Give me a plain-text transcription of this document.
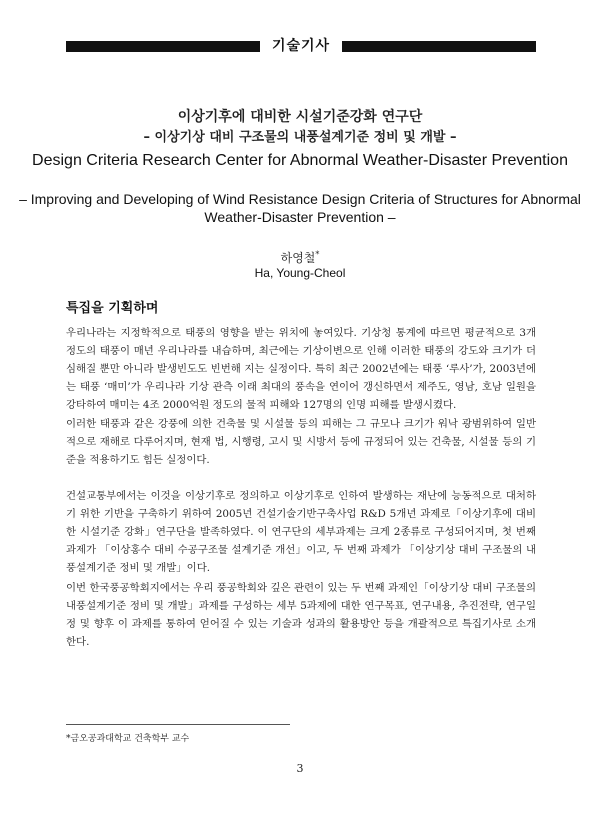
기술기사
이상기후에 대비한 시설기준강화 연구단
– 이상기상 대비 구조물의 내풍설계기준 정비 및 개발 –
Design Criteria Research Center for Abnormal Weather-Disaster Prevention
– Improving and Developing of Wind Resistance Design Criteria of Structures for Abnormal Weather-Disaster Prevention –
하영철*
Ha, Young-Cheol
특집을 기획하며

우리나라는 지정학적으로 태풍의 영향을 받는 위치에 놓여있다. 기상청 통계에 따르면 평균적으로 3개 정도의 태풍이 매년 우리나라를 내습하며, 최근에는 기상이변으로 인해 이러한 태풍의 강도와 크기가 더 심해질 뿐만 아니라 발생빈도도 빈번해 지는 실정이다. 특히 최근 2002년에는 태풍 ‘루사’가, 2003년에는 태풍 ‘매미’가 우리나라 기상 관측 이래 최대의 풍속을 연이어 갱신하면서 제주도, 영남, 호남 일원을 강타하여 매미는 4조 2000억원 정도의 물적 피해와 127명의 인명 피해를 발생시켰다.

이러한 태풍과 같은 강풍에 의한 건축물 및 시설물 등의 피해는 그 규모나 크기가 워낙 광범위하여 일반적으로 재해로 다루어지며, 현재 법, 시행령, 고시 및 시방서 등에 규정되어 있는 건축물, 시설물 등의 기준을 적용하기도 힘든 실정이다.

건설교통부에서는 이것을 이상기후로 정의하고 이상기후로 인하여 발생하는 재난에 능동적으로 대처하기 위한 기반을 구축하기 위하여 2005년 건설기술기반구축사업 R&D 5개년 과제로「이상기후에 대비한 시설기준 강화」연구단을 발족하였다. 이 연구단의 세부과제는 크게 2종류로 구성되어지며, 첫 번째 과제가 「이상홍수 대비 수공구조물 설계기준 개선」이고, 두 번째 과제가 「이상기상 대비 구조물의 내풍설계기준 정비 및 개발」이다.

이번 한국풍공학회지에서는 우리 풍공학회와 깊은 관련이 있는 두 번째 과제인「이상기상 대비 구조물의 내풍설계기준 정비 및 개발」과제를 구성하는 세부 5과제에 대한 연구목표, 연구내용, 추진전략, 연구일정 및 향후 이 과제를 통하여 얻어질 수 있는 기술과 성과의 활용방안 등을 개괄적으로 특집기사로 소개한다.

*금오공과대학교 건축학부 교수
3
